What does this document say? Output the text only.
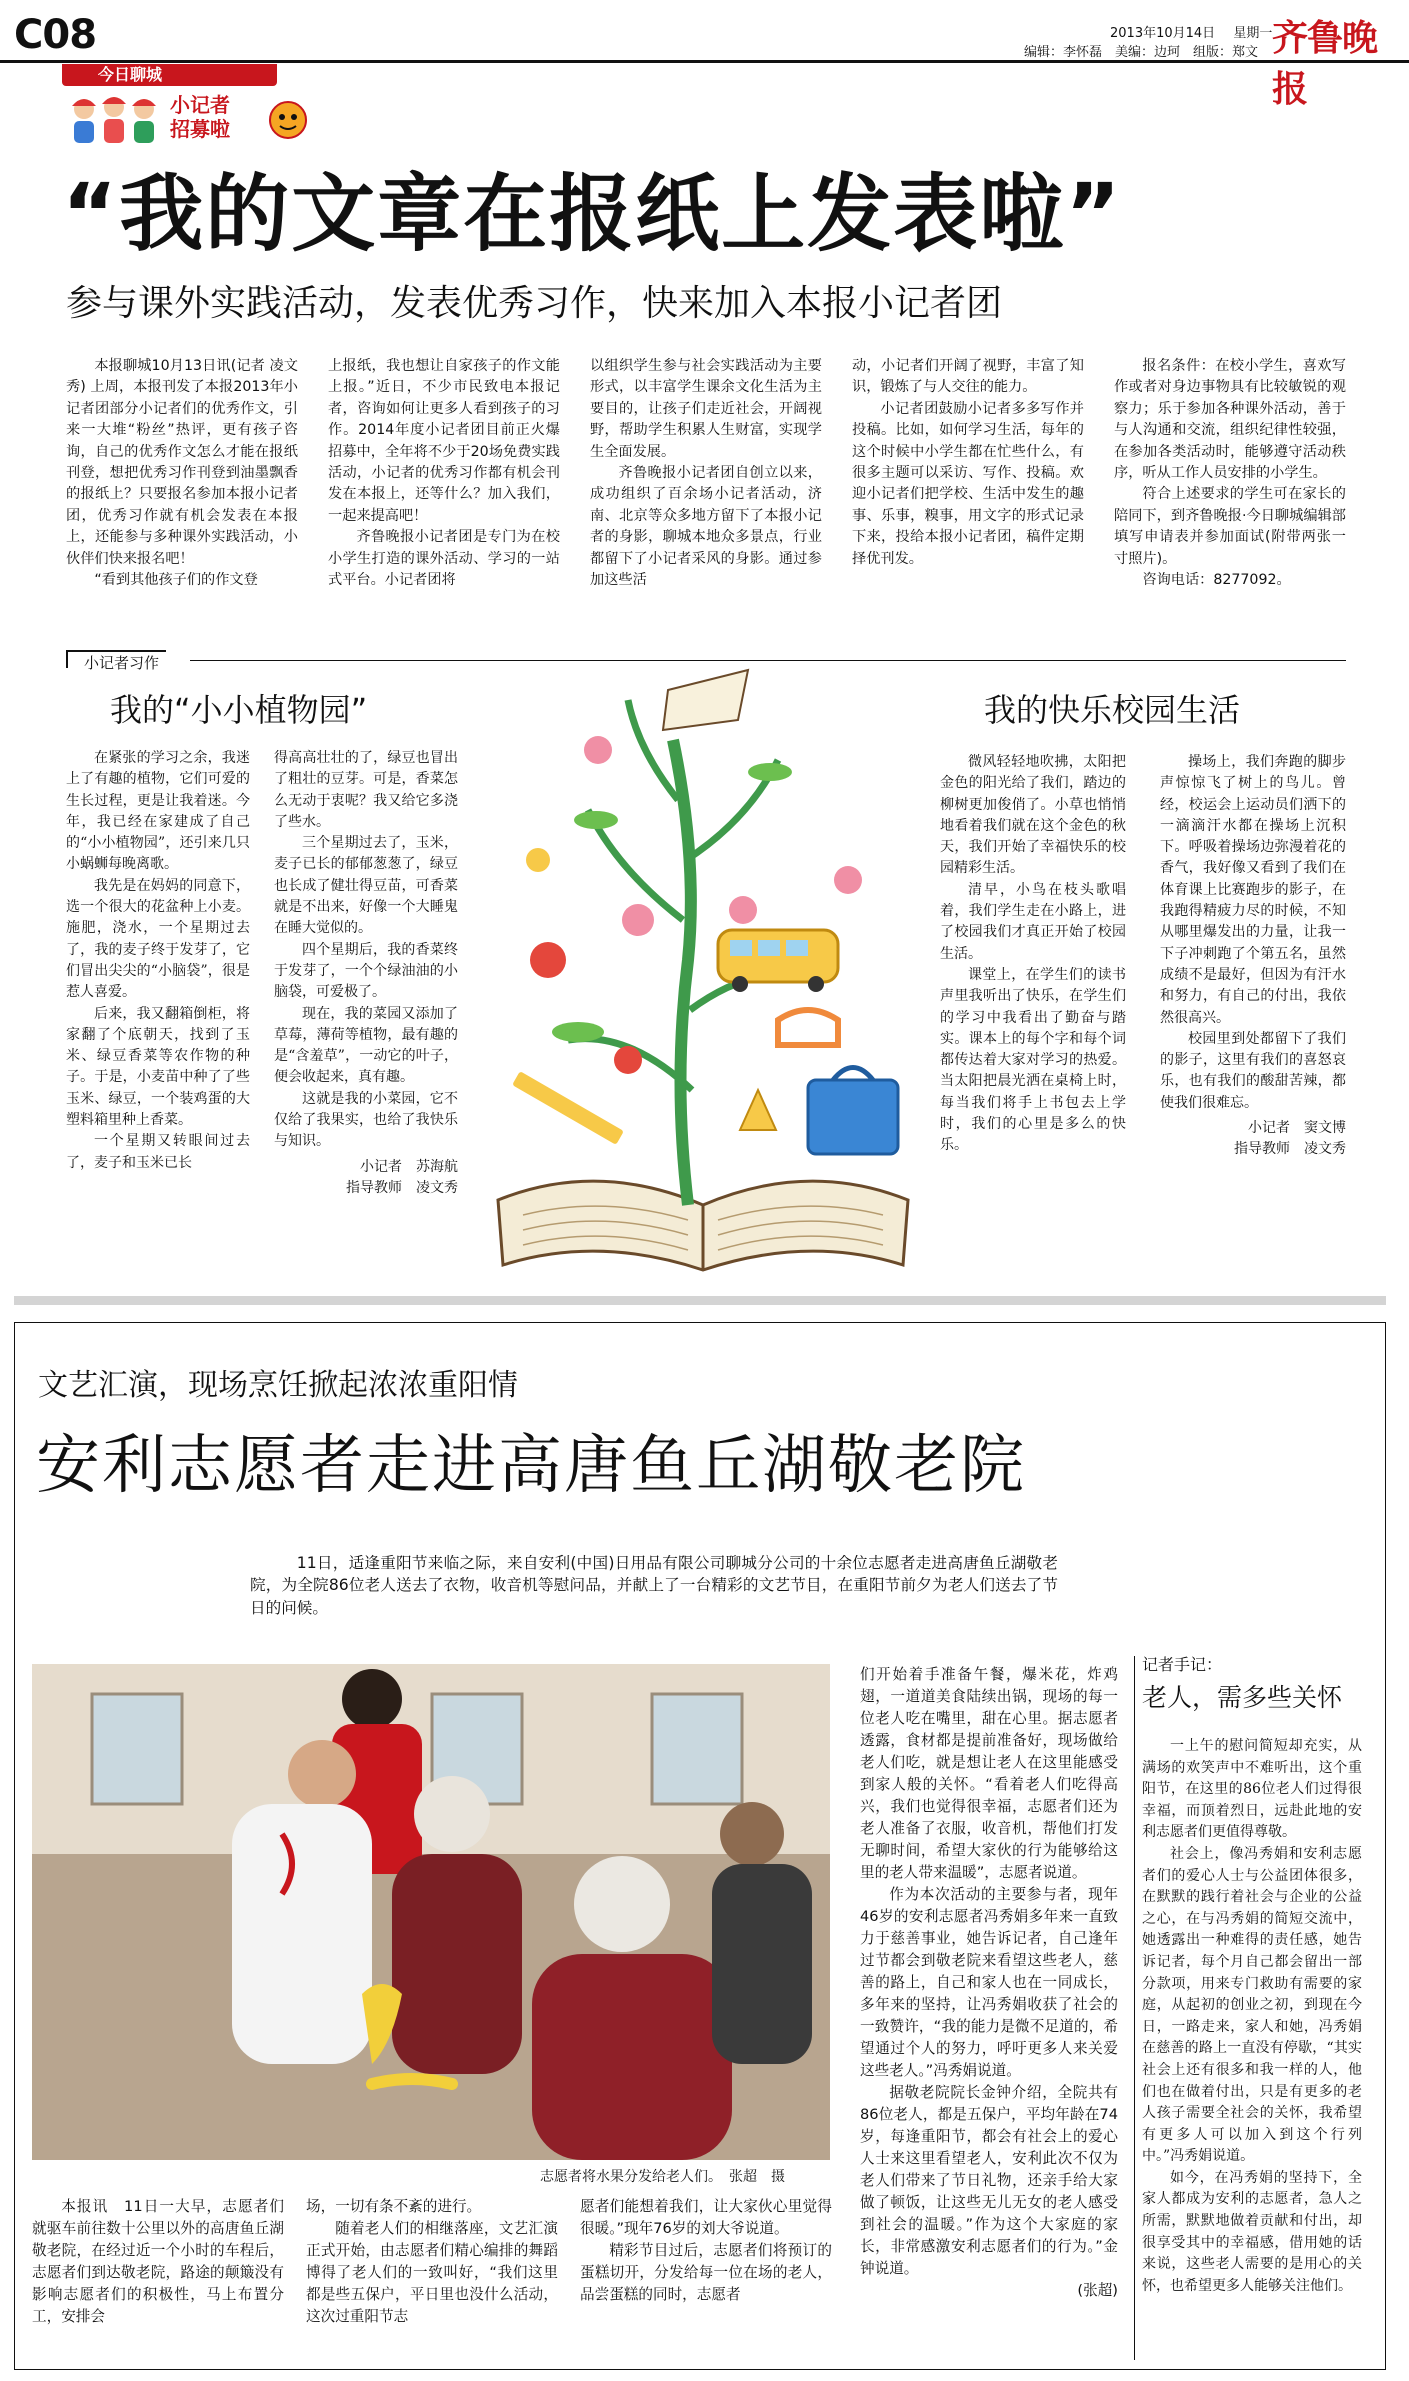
C08	2013年10月14日 星期一
编辑：李怀磊　美编：边珂　组版：郑文 齐鲁晚报
今日聊城
小记者
招募啦
“我的文章在报纸上发表啦”
参与课外实践活动，发表优秀习作，快来加入本报小记者团

本报聊城10月13日讯(记者 凌文秀) 上周，本报刊发了本报2013年小记者团部分小记者们的优秀作文，引来一大堆“粉丝”热评，更有孩子咨询，自己的优秀作文怎么才能在报纸刊登，想把优秀习作刊登到油墨飘香的报纸上？只要报名参加本报小记者团，优秀习作就有机会发表在本报上，还能参与多种课外实践活动，小伙伴们快来报名吧！

“看到其他孩子们的作文登

上报纸，我也想让自家孩子的作文能上报。”近日，不少市民致电本报记者，咨询如何让更多人看到孩子的习作。2014年度小记者团目前正火爆招募中，全年将不少于20场免费实践活动，小记者的优秀习作都有机会刊发在本报上，还等什么？加入我们，一起来提高吧！

齐鲁晚报小记者团是专门为在校小学生打造的课外活动、学习的一站式平台。小记者团将

以组织学生参与社会实践活动为主要形式，以丰富学生课余文化生活为主要目的，让孩子们走近社会，开阔视野，帮助学生积累人生财富，实现学生全面发展。

齐鲁晚报小记者团自创立以来，成功组织了百余场小记者活动，济南、北京等众多地方留下了本报小记者的身影，聊城本地众多景点，行业都留下了小记者采风的身影。通过参加这些活

动，小记者们开阔了视野，丰富了知识，锻炼了与人交往的能力。

小记者团鼓励小记者多多写作并投稿。比如，如何学习生活，每年的这个时候中小学生都在忙些什么，有很多主题可以采访、写作、投稿。欢迎小记者们把学校、生活中发生的趣事、乐事，糗事，用文字的形式记录下来，投给本报小记者团，稿件定期择优刊发。

报名条件：在校小学生，喜欢写作或者对身边事物具有比较敏锐的观察力；乐于参加各种课外活动，善于与人沟通和交流，组织纪律性较强，在参加各类活动时，能够遵守活动秩序，听从工作人员安排的小学生。

符合上述要求的学生可在家长的陪同下，到齐鲁晚报·今日聊城编辑部填写申请表并参加面试(附带两张一寸照片)。

咨询电话：8277092。

小记者习作
我的“小小植物园”

在紧张的学习之余，我迷上了有趣的植物，它们可爱的生长过程，更是让我着迷。今年，我已经在家建成了自己的“小小植物园”，还引来几只小蜗蛳每晚离歌。

我先是在妈妈的同意下，选一个很大的花盆种上小麦。施肥，浇水，一个星期过去了，我的麦子终于发芽了，它们冒出尖尖的“小脑袋”，很是惹人喜爱。

后来，我又翻箱倒柜，将家翻了个底朝天，找到了玉米、绿豆香菜等农作物的种子。于是，小麦苗中种了了些玉米、绿豆，一个装鸡蛋的大塑料箱里种上香菜。

一个星期又转眼间过去了，麦子和玉米已长

得高高壮壮的了，绿豆也冒出了粗壮的豆芽。可是，香菜怎么无动于衷呢？我又给它多浇了些水。

三个星期过去了，玉米，麦子已长的郁郁葱葱了，绿豆也长成了健壮得豆苗，可香菜就是不出来，好像一个大睡鬼在睡大觉似的。

四个星期后，我的香菜终于发芽了，一个个绿油油的小脑袋，可爱极了。

现在，我的菜园又添加了草莓，薄荷等植物，最有趣的是“含羞草”，一动它的叶子，便会收起来，真有趣。

这就是我的小菜园，它不仅给了我果实，也给了我快乐与知识。

小记者　苏海航
指导教师　凌文秀
我的快乐校园生活

微风轻轻地吹拂，太阳把金色的阳光给了我们，踏边的柳树更加俊俏了。小草也悄悄地看着我们就在这个金色的秋天，我们开始了幸福快乐的校园精彩生活。

清早，小鸟在枝头歌唱着，我们学生走在小路上，进了校园我们才真正开始了校园生活。

课堂上，在学生们的读书声里我听出了快乐，在学生们的学习中我看出了勤奋与踏实。课本上的每个字和每个词都传达着大家对学习的热爱。当太阳把晨光洒在桌椅上时，每当我们将手上书包去上学时，我们的心里是多么的快乐。

操场上，我们奔跑的脚步声惊惊飞了树上的鸟儿。曾经，校运会上运动员们洒下的一滴滴汗水都在操场上沉积下。呼吸着操场边弥漫着花的香气，我好像又看到了我们在体育课上比赛跑步的影子，在我跑得精疲力尽的时候，不知从哪里爆发出的力量，让我一下子冲刺跑了个第五名，虽然成绩不是最好，但因为有汗水和努力，有自己的付出，我依然很高兴。

校园里到处都留下了我们的影子，这里有我们的喜怒哀乐，也有我们的酸甜苦辣，都使我们很难忘。

小记者　窦文博
指导教师　凌文秀
文艺汇演，现场烹饪掀起浓浓重阳情
安利志愿者走进高唐鱼丘湖敬老院
11日，适逢重阳节来临之际，来自安利(中国)日用品有限公司聊城分公司的十余位志愿者走进高唐鱼丘湖敬老院，为全院86位老人送去了衣物，收音机等慰问品，并献上了一台精彩的文艺节目，在重阳节前夕为老人们送去了节日的问候。
志愿者将水果分发给老人们。　张超　摄

们开始着手准备午餐，爆米花，炸鸡翅，一道道美食陆续出锅，现场的每一位老人吃在嘴里，甜在心里。据志愿者透露，食材都是提前准备好，现场做给老人们吃，就是想让老人在这里能感受到家人般的关怀。“看着老人们吃得高兴，我们也觉得很幸福，志愿者们还为老人准备了衣服，收音机，帮他们打发无聊时间，希望大家伙的行为能够给这里的老人带来温暖”，志愿者说道。

作为本次活动的主要参与者，现年46岁的安利志愿者冯秀娟多年来一直致力于慈善事业，她告诉记者，自己逢年过节都会到敬老院来看望这些老人，慈善的路上，自己和家人也在一同成长，多年来的坚持，让冯秀娟收获了社会的一致赞许，“我的能力是微不足道的，希望通过个人的努力，呼吁更多人来关爱这些老人。”冯秀娟说道。

据敬老院院长金钟介绍，全院共有86位老人，都是五保户，平均年龄在74岁，每逢重阳节，都会有社会上的爱心人士来这里看望老人，安利此次不仅为老人们带来了节日礼物，还亲手给大家做了顿饭，让这些无儿无女的老人感受到社会的温暖。”作为这个大家庭的家长，非常感激安利志愿者们的行为。”金钟说道。

(张超)

本报讯　11日一大早，志愿者们就驱车前往数十公里以外的高唐鱼丘湖敬老院，在经过近一个小时的车程后，志愿者们到达敬老院，路途的颠簸没有影响志愿者们的积极性，马上布置分工，安排会

场，一切有条不紊的进行。

随着老人们的相继落座，文艺汇演正式开始，由志愿者们精心编排的舞蹈博得了老人们的一致叫好，“我们这里都是些五保户，平日里也没什么活动，这次过重阳节志

愿者们能想着我们，让大家伙心里觉得很暖。”现年76岁的刘大爷说道。

精彩节目过后，志愿者们将预订的蛋糕切开，分发给每一位在场的老人，品尝蛋糕的同时，志愿者

记者手记：
老人，需多些关怀

一上午的慰问简短却充实，从满场的欢笑声中不难听出，这个重阳节，在这里的86位老人们过得很幸福，而顶着烈日，远赴此地的安利志愿者们更值得尊敬。

社会上，像冯秀娟和安利志愿者们的爱心人士与公益团体很多，在默默的践行着社会与企业的公益之心，在与冯秀娟的简短交流中，她透露出一种难得的责任感，她告诉记者，每个月自己都会留出一部分款项，用来专门救助有需要的家庭，从起初的创业之初，到现在今日，一路走来，家人和她，冯秀娟在慈善的路上一直没有停歇，“其实社会上还有很多和我一样的人，他们也在做着付出，只是有更多的老人孩子需要全社会的关怀，我希望有更多人可以加入到这个行列中。”冯秀娟说道。

如今，在冯秀娟的坚持下，全家人都成为安利的志愿者，急人之所需，默默地做着贡献和付出，却很享受其中的幸福感，借用她的话来说，这些老人需要的是用心的关怀，也希望更多人能够关注他们。
